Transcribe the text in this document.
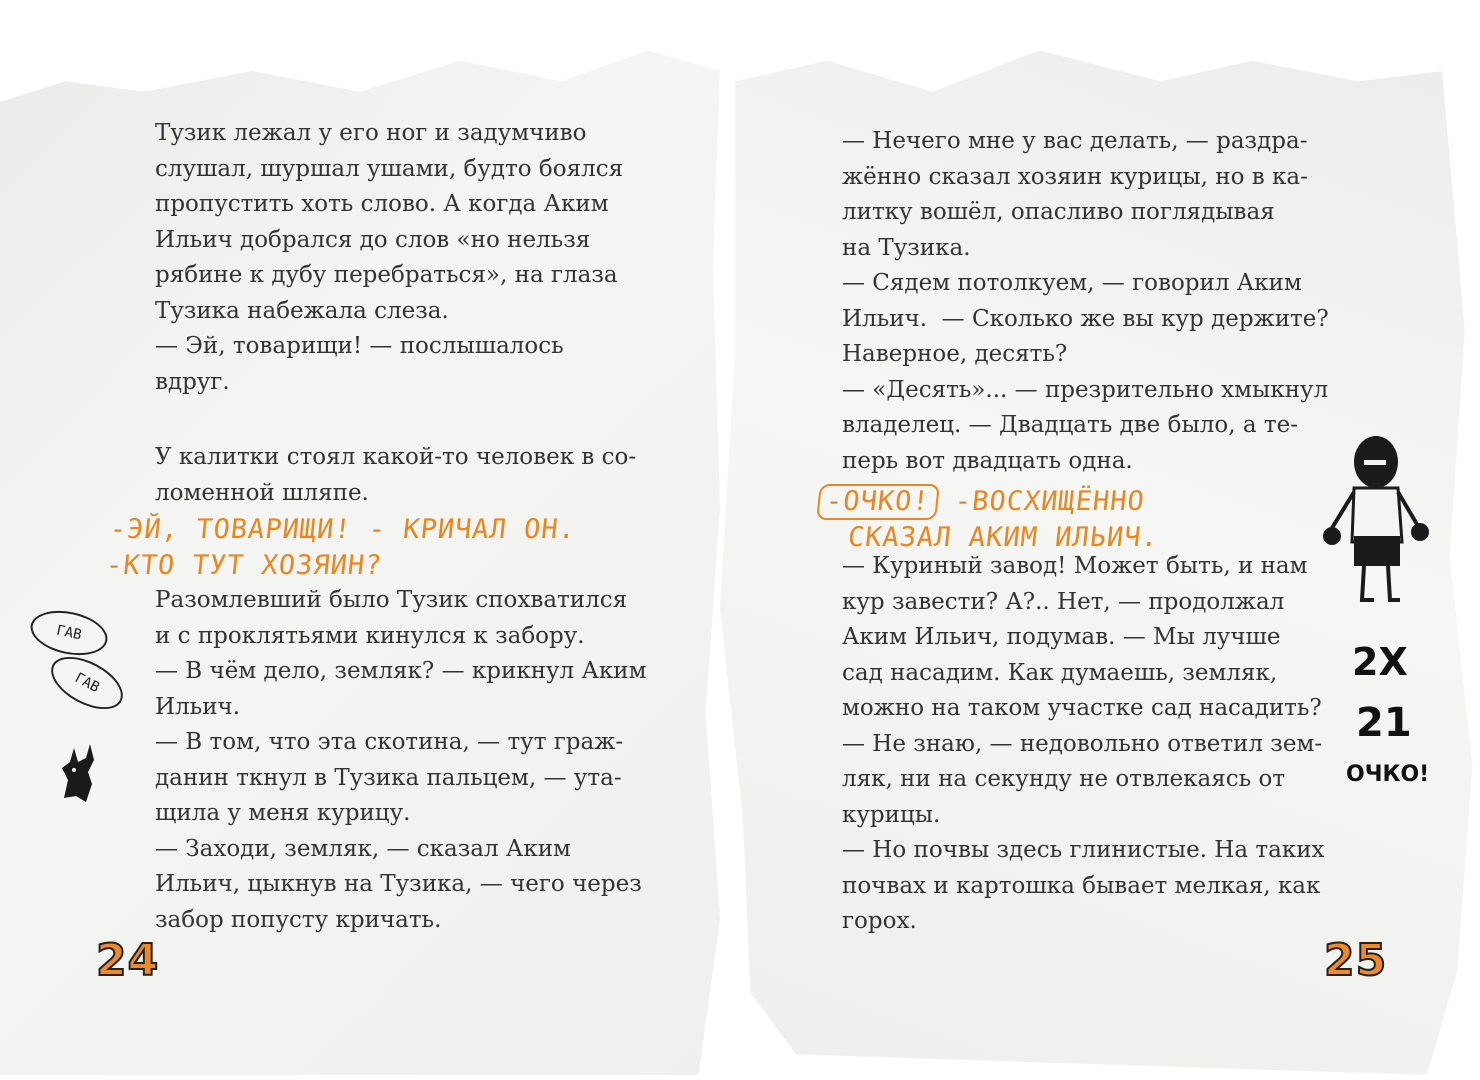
Тузик лежал у его ног и задумчиво
слушал, шуршал ушами, будто боялся
пропустить хоть слово. А когда Аким
Ильич добрался до слов «но нельзя
рябине к дубу перебраться», на глаза
Тузика набежала слеза.
— Эй, товарищи! — послышалось
вдруг.

У калитки стоял какой-то человек в со-
ломенной шляпе.

-ЭЙ, ТОВАРИЩИ! - КРИЧАЛ ОН.
-КТО ТУТ ХОЗЯИН?

Разомлевший было Тузик спохватился
и с проклятьями кинулся к забору.
— В чём дело, земляк? — крикнул Аким
Ильич.
— В том, что эта скотина, — тут граж-
данин ткнул в Тузика пальцем, — ута-
щила у меня курицу.
— Заходи, земляк, — сказал Аким
Ильич, цыкнув на Тузика, — чего через
забор попусту кричать.

24

ГАВ
ГАВ

— Нечего мне у вас делать, — раздра-
жённо сказал хозяин курицы, но в ка-
литку вошёл, опасливо поглядывая
на Тузика.
— Сядем потолкуем, — говорил Аким
Ильич.  — Сколько же вы кур держите?
Наверное, десять?
— «Десять»... — презрительно хмыкнул
владелец. — Двадцать две было, а те-
перь вот двадцать одна.

-ОЧКО! -ВОСХИЩЁННО

СКАЗАЛ АКИМ ИЛЬИЧ.

— Куриный завод! Может быть, и нам
кур завести? А?.. Нет, — продолжал
Аким Ильич, подумав. — Мы лучше
сад насадим. Как думаешь, земляк,
можно на таком участке сад насадить?
— Не знаю, — недовольно ответил зем-
ляк, ни на секунду не отвлекаясь от
курицы.
— Но почвы здесь глинистые. На таких
почвах и картошка бывает мелкая, как
горох.

25

2X

21

ОЧКО!
